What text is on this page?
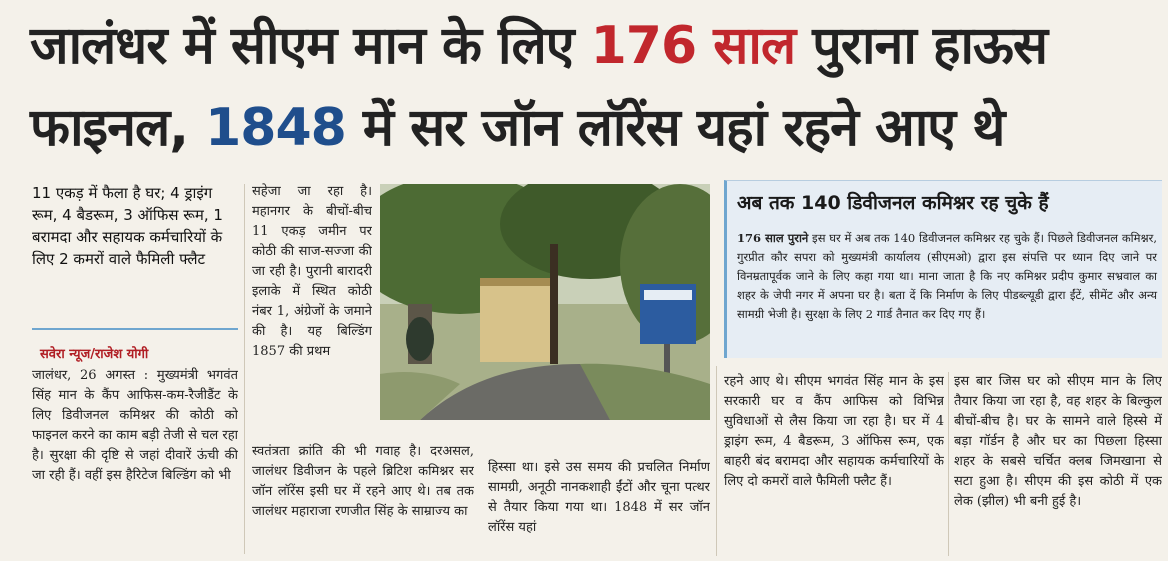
जालंधर में सीएम मान के लिए 176 साल पुराना हाऊस
फाइनल, 1848 में सर जॉन लॉरेंस यहां रहने आए थे
11 एकड़ में फैला है घर; 4 ड्राइंग रूम, 4 बैडरूम, 3 ऑफिस रूम, 1 बरामदा और सहायक कर्मचारियों के लिए 2 कमरों वाले फैमिली फ्लैट
सवेरा न्यूज/राजेश योगी
जालंधर, 26 अगस्त : मुख्यमंत्री भगवंत सिंह मान के कैंप आफिस-कम-रैजीडैंट के लिए डिवीजनल कमिश्नर की कोठी को फाइनल करने का काम बड़ी तेजी से चल रहा है। सुरक्षा की दृष्टि से जहां दीवारें ऊंची की जा रही हैं। वहीं इस हैरिटेज बिल्डिंग को भी
सहेजा जा रहा है। महानगर के बीचों-बीच 11 एकड़ जमीन पर कोठी की साज-सज्जा की जा रही है। पुरानी बारादरी इलाके में स्थित कोठी नंबर 1, अंग्रेजों के जमाने की है। यह बिल्डिंग 1857 की प्रथम
स्वतंत्रता क्रांति की भी गवाह है। दरअसल, जालंधर डिवीजन के पहले ब्रिटिश कमिश्नर सर जॉन लॉरेंस इसी घर में रहने आए थे। तब तक जालंधर महाराजा रणजीत सिंह के साम्राज्य का
हिस्सा था। इसे उस समय की प्रचलित निर्माण सामग्री, अनूठी नानकशाही ईंटों और चूना पत्थर से तैयार किया गया था। 1848 में सर जॉन लॉरेंस यहां
अब तक 140 डिवीजनल कमिश्नर रह चुके हैं
176 साल पुराने इस घर में अब तक 140 डिवीजनल कमिश्नर रह चुके हैं। पिछले डिवीजनल कमिश्नर, गुरप्रीत कौर सपरा को मुख्यमंत्री कार्यालय (सीएमओ) द्वारा इस संपत्ति पर ध्यान दिए जाने पर विनम्रतापूर्वक जाने के लिए कहा गया था। माना जाता है कि नए कमिश्नर प्रदीप कुमार सभ्रवाल का शहर के जेपी नगर में अपना घर है। बता दें कि निर्माण के लिए पीडब्ल्यूडी द्वारा ईंटें, सीमेंट और अन्य सामग्री भेजी है। सुरक्षा के लिए 2 गार्ड तैनात कर दिए गए हैं।
रहने आए थे। सीएम भगवंत सिंह मान के इस सरकारी घर व कैंप आफिस को विभिन्न सुविधाओं से लैस किया जा रहा है। घर में 4 ड्राइंग रूम, 4 बैडरूम, 3 ऑफिस रूम, एक बाहरी बंद बरामदा और सहायक कर्मचारियों के लिए दो कमरों वाले फैमिली फ्लैट हैं।
इस बार जिस घर को सीएम मान के लिए तैयार किया जा रहा है, वह शहर के बिल्कुल बीचों-बीच है। घर के सामने वाले हिस्से में बड़ा गॉर्डन है और घर का पिछला हिस्सा शहर के सबसे चर्चित क्लब जिमखाना से सटा हुआ है। सीएम की इस कोठी में एक लेक (झील) भी बनी हुई है।
